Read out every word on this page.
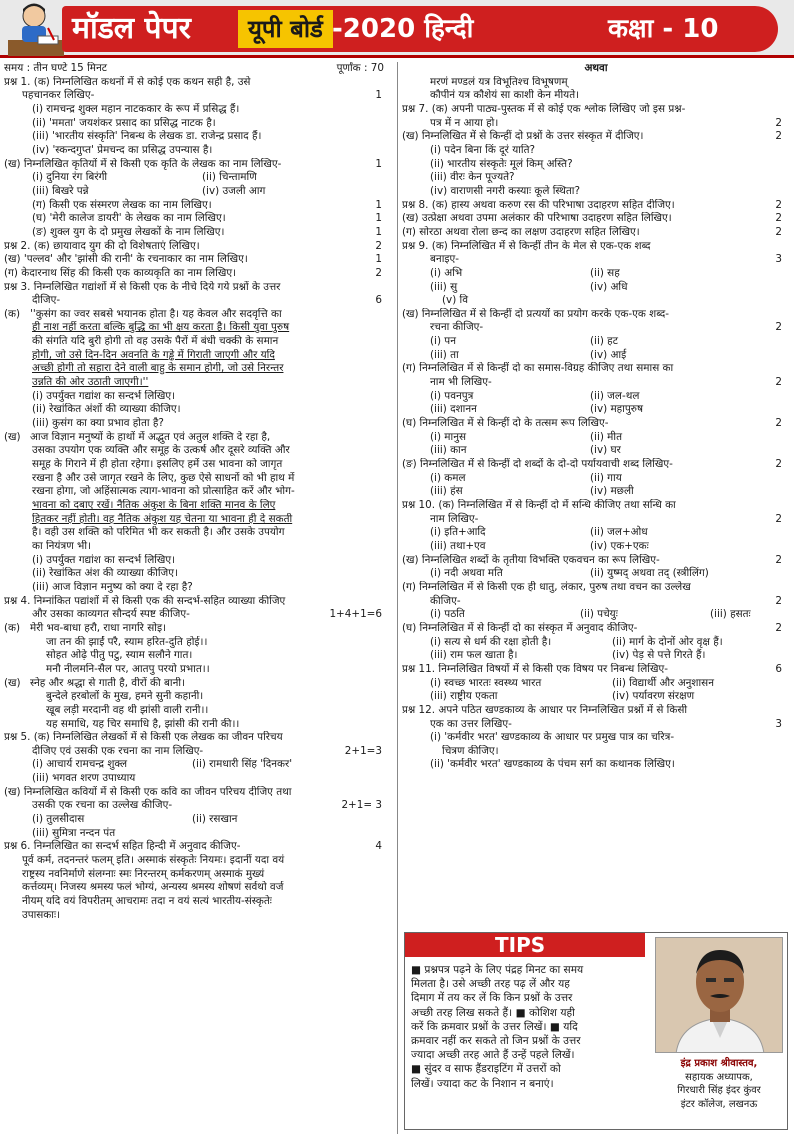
मॉडल पेपर	यूपी बोर्ड -2020 हिन्दी	कक्षा - 10
समय : तीन घण्टे 15 मिनट	पूर्णांक : 70
प्रश्न 1. (क) निम्नलिखित कथनों में से कोई एक कथन सही है, उसे
पहचानकर लिखिए-	1
(i) रामचन्द्र शुक्ल महान नाटककार के रूप में प्रसिद्ध हैं।
(ii) 'ममता' जयशंकर प्रसाद का प्रसिद्ध नाटक है।
(iii) 'भारतीय संस्कृति' निबन्ध के लेखक डा. राजेन्द्र प्रसाद हैं।
(iv) 'स्कन्दगुप्त' प्रेमचन्द का प्रसिद्ध उपन्यास है।
(ख) निम्नलिखित कृतियों में से किसी एक कृति के लेखक का नाम लिखिए-	1
(i) दुनिया रंग बिरंगी	(ii) चिन्तामणि
(iii) बिखरे पन्ने	(iv) उजली आग
(ग) किसी एक संस्मरण लेखक का नाम लिखिए।	1
(घ) 'मेरी कालेज डायरी' के लेखक का नाम लिखिए।	1
(ङ) शुक्ल युग के दो प्रमुख लेखकों के नाम लिखिए।	1
प्रश्न 2. (क) छायावाद युग की दो विशेषताएं लिखिए।	2
(ख) 'पल्लव' और 'झांसी की रानी' के रचनाकार का नाम लिखिए।	1
(ग) केदारनाथ सिंह की किसी एक काव्यकृति का नाम लिखिए।	2
प्रश्न 3. निम्नलिखित गद्यांशों में से किसी एक के नीचे दिये गये प्रश्नों के उत्तर
दीजिए-	6
(क) ''कुसंग का ज्वर सबसे भयानक होता है। यह केवल और सदवृत्ति का
ही नाश नहीं करता बल्कि बुद्धि का भी क्षय करता है। किसी युवा पुरुष
की संगति यदि बुरी होगी तो वह उसके पैरों में बंधी चक्की के समान
होगी, जो उसे दिन-दिन अवनति के गड्ढे में गिराती जाएगी और यदि
अच्छी होगी तो सहारा देने वाली बाहु के समान होगी, जो उसे निरन्तर
उन्नति की ओर उठाती जाएगी।''
(i) उपर्युक्त गद्यांश का सन्दर्भ लिखिए।
(ii) रेखांकित अंशों की व्याख्या कीजिए।
(iii) कुसंग का क्या प्रभाव होता है?
(ख) आज विज्ञान मनुष्यों के हाथों में अद्भुत एवं अतुल शक्ति दे रहा है,
उसका उपयोग एक व्यक्ति और समूह के उत्कर्ष और दूसरे व्यक्ति और
समूह के गिराने में ही होता रहेगा। इसलिए हमें उस भावना को जागृत
रखना है और उसे जागृत रखने के लिए, कुछ ऐसे साधनों को भी हाथ में
रखना होगा, जो अहिंसात्मक त्याग-भावना को प्रोत्साहित करें और भोग-
भावना को दबाए रखें। नैतिक अंकुश के बिना शक्ति मानव के लिए
हितकर नहीं होती। वह नैतिक अंकुश यह चेतना या भावना ही दे सकती
है। वही उस शक्ति को परिमित भी कर सकती है। और उसके उपयोग
का नियंत्रण भी।
(i) उपर्युक्त गद्यांश का सन्दर्भ लिखिए।
(ii) रेखांकित अंश की व्याख्या कीजिए।
(iii) आज विज्ञान मनुष्य को क्या दे रहा है?
प्रश्न 4. निम्नांकित पद्यांशों में से किसी एक की सन्दर्भ-सहित व्याख्या कीजिए
और उसका काव्यगत सौन्दर्य स्पष्ट कीजिए-	1+4+1=6
(क) मेरी भव-बाधा हरौ, राधा नागरि सोइ।
जा तन की झाईं परै, स्याम हरित-दुति होई।।
सोहत ओढ़े पीतु पटु, स्याम सलौने गात।
मनौ नीलमनि-सैल पर, आतपु परयो प्रभात।।
(ख) स्नेह और श्रद्धा से गाती है, वीरों की बानी।
बुन्देले हरबोलों के मुख, हमने सुनी कहानी।
खूब लड़ी मरदानी वह थी झांसी वाली रानी।।
यह समाधि, यह चिर समाधि है, झांसी की रानी की।।
प्रश्न 5. (क) निम्नलिखित लेखकों में से किसी एक लेखक का जीवन परिचय
दीजिए एवं उसकी एक रचना का नाम लिखिए-	2+1=3
(i) आचार्य रामचन्द्र शुक्ल	(ii) रामधारी सिंह 'दिनकर'
(iii) भगवत शरण उपाध्याय
(ख) निम्नलिखित कवियों में से किसी एक कवि का जीवन परिचय दीजिए तथा
उसकी एक रचना का उल्लेख कीजिए-	2+1= 3
(i) तुलसीदास	(ii) रसखान
(iii) सुमित्रा नन्दन पंत
प्रश्न 6. निम्नलिखित का सन्दर्भ सहित हिन्दी में अनुवाद कीजिए-	4
पूर्व कर्म, तदनन्तरं फलम् इति। अस्माकं संस्कृतेः नियमः। इदानीं यदा वयं
राष्ट्रस्य नवनिर्माणे संलग्नाः स्मः निरन्तरम् कर्मकरणम् अस्माकं मुख्यं
कर्त्तव्यम्। निजस्य श्रमस्य फलं भोग्यं, अन्यस्य श्रमस्य शोषणं सर्वथो वर्ज
नीयम् यदि वयं विपरीतम् आचरामः तदा न वयं सत्यं भारतीय-संस्कृतेः
उपासकाः।
अथवा
मरणं मण्डलं यत्र विभूतिश्च विभूषणम्
कौपीनं यत्र कौशेयं सा काशी केन मीयते।
प्रश्न 7. (क) अपनी पाठ्य-पुस्तक में से कोई एक श्लोक लिखिए जो इस प्रश्न-
पत्र में न आया हो।	2
(ख) निम्नलिखित में से किन्हीं दो प्रश्नों के उत्तर संस्कृत में दीजिए।	2
(i) पदेन बिना किं दूरं याति?
(ii) भारतीय संस्कृतेः मूलं किम् अस्ति?
(iii) वीरः केन पूज्यते?
(iv) वाराणसी नगरी कस्याः कूले स्थिता?
प्रश्न 8. (क) हास्य अथवा करुण रस की परिभाषा उदाहरण सहित दीजिए।	2
(ख) उत्प्रेक्षा अथवा उपमा अलंकार की परिभाषा उदाहरण सहित लिखिए।	2
(ग) सोरठा अथवा रोला छन्द का लक्षण उदाहरण सहित लिखिए।	2
प्रश्न 9. (क) निम्नलिखित में से किन्हीं तीन के मेल से एक-एक शब्द
बनाइए-	3
(i) अभि	(ii) सह
(iii) सु	(iv) अधि
(v) वि
(ख) निम्नलिखित में से किन्हीं दो प्रत्ययों का प्रयोग करके एक-एक शब्द-
रचना कीजिए-	2
(i) पन	(ii) हट
(iii) ता	(iv) आई
(ग) निम्नलिखित में से किन्हीं दो का समास-विग्रह कीजिए तथा समास का
नाम भी लिखिए-	2
(i) पवनपुत्र	(ii) जल-थल
(iii) दशानन	(iv) महापुरुष
(घ) निम्नलिखित में से किन्हीं दो के तत्सम रूप लिखिए-	2
(i) मानुस	(ii) मीत
(iii) कान	(iv) घर
(ङ) निम्नलिखित में से किन्हीं दो शब्दों के दो-दो पर्यायवाची शब्द लिखिए-	2
(i) कमल	(ii) गाय
(iii) हंस	(iv) मछली
प्रश्न 10. (क) निम्नलिखित में से किन्हीं दो में सन्धि कीजिए तथा सन्धि का
नाम लिखिए-	2
(i) इति+आदि	(ii) जल+ओध
(iii) तथा+एव	(iv) एक+एकः
(ख) निम्नलिखित शब्दों के तृतीया विभक्ति एकवचन का रूप लिखिए-	2
(i) नदी अथवा मति	(ii) युष्मद् अथवा तद् (स्त्रीलिंग)
(ग) निम्नलिखित में से किसी एक ही धातु, लंकार, पुरुष तथा वचन का उल्लेख
कीजिए-	2
(i) पठति	(ii) पचेयुः	(iii) हसतः
(घ) निम्नलिखित में से किन्हीं दो का संस्कृत में अनुवाद कीजिए-	2
(i) सत्य से धर्म की रक्षा होती है।	(ii) मार्ग के दोनों ओर वृक्ष हैं।
(iii) राम फल खाता है।	(iv) पेड़ से पत्ते गिरते हैं।
प्रश्न 11. निम्नलिखित विषयों में से किसी एक विषय पर निबन्ध लिखिए-	6
(i) स्वच्छ भारतः स्वस्थ्य भारत	(ii) विद्यार्थी और अनुशासन
(iii) राष्ट्रीय एकता	(iv) पर्यावरण संरक्षण
प्रश्न 12. अपने पठित खण्डकाव्य के आधार पर निम्नलिखित प्रश्नों में से किसी
एक का उत्तर लिखिए-	3
(i) 'कर्मवीर भरत' खण्डकाव्य के आधार पर प्रमुख पात्र का चरित्र-
चित्रण कीजिए।
(ii) 'कर्मवीर भरत' खण्डकाव्य के पंचम सर्ग का कथानक लिखिए।
TIPS
■ प्रश्नपत्र पढ़ने के लिए पंद्रह मिनट का समय
मिलता है। उसे अच्छी तरह पढ़ लें और यह
दिमाग में तय कर लें कि किन प्रश्नों के उत्तर
अच्छी तरह लिख सकते हैं। ■ कोशिश यही
करें कि क्रमवार प्रश्नों के उत्तर लिखें। ■ यदि
क्रमवार नहीं कर सकते तो जिन प्रश्नों के उत्तर
ज्यादा अच्छी तरह आते हैं उन्हें पहले लिखें।
■ सुंदर व साफ हैंडराइटिंग में उत्तरों को
लिखें। ज्यादा कट के निशान न बनाएं।
इंद्र प्रकाश श्रीवास्तव,
सहायक अध्यापक,
गिरधारी सिंह इंदर कुंवर
इंटर कॉलेज, लखनऊ
